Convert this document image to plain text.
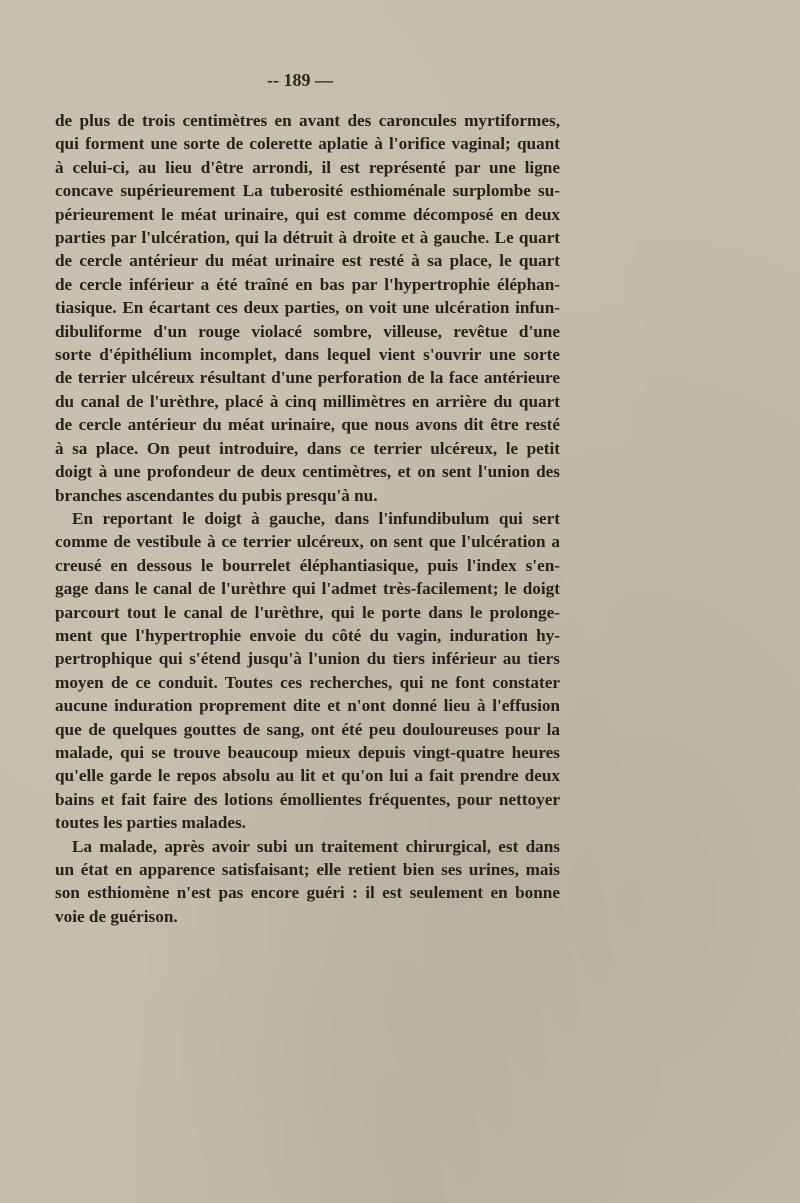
-- 189 —
de plus de trois centimètres en avant des caroncules myrtiformes,
qui forment une sorte de colerette aplatie à l'orifice vaginal; quant
à celui-ci, au lieu d'être arrondi, il est représenté par une ligne
concave supérieurement La tuberosité esthioménale surplombe su-
périeurement le méat urinaire, qui est comme décomposé en deux
parties par l'ulcération, qui la détruit à droite et à gauche. Le quart
de cercle antérieur du méat urinaire est resté à sa place, le quart
de cercle inférieur a été traîné en bas par l'hypertrophie éléphan-
tiasique. En écartant ces deux parties, on voit une ulcération infun-
dibuliforme d'un rouge violacé sombre, villeuse, revêtue d'une
sorte d'épithélium incomplet, dans lequel vient s'ouvrir une sorte
de terrier ulcéreux résultant d'une perforation de la face antérieure
du canal de l'urèthre, placé à cinq millimètres en arrière du quart
de cercle antérieur du méat urinaire, que nous avons dit être resté
à sa place. On peut introduire, dans ce terrier ulcéreux, le petit
doigt à une profondeur de deux centimètres, et on sent l'union des
branches ascendantes du pubis presqu'à nu.
En reportant le doigt à gauche, dans l'infundibulum qui sert
comme de vestibule à ce terrier ulcéreux, on sent que l'ulcération a
creusé en dessous le bourrelet éléphantiasique, puis l'index s'en-
gage dans le canal de l'urèthre qui l'admet très-facilement; le doigt
parcourt tout le canal de l'urèthre, qui le porte dans le prolonge-
ment que l'hypertrophie envoie du côté du vagin, induration hy-
pertrophique qui s'étend jusqu'à l'union du tiers inférieur au tiers
moyen de ce conduit. Toutes ces recherches, qui ne font constater
aucune induration proprement dite et n'ont donné lieu à l'effusion
que de quelques gouttes de sang, ont été peu douloureuses pour la
malade, qui se trouve beaucoup mieux depuis vingt-quatre heures
qu'elle garde le repos absolu au lit et qu'on lui a fait prendre deux
bains et fait faire des lotions émollientes fréquentes, pour nettoyer
toutes les parties malades.
La malade, après avoir subi un traitement chirurgical, est dans
un état en apparence satisfaisant; elle retient bien ses urines, mais
son esthiomène n'est pas encore guéri : il est seulement en bonne
voie de guérison.
